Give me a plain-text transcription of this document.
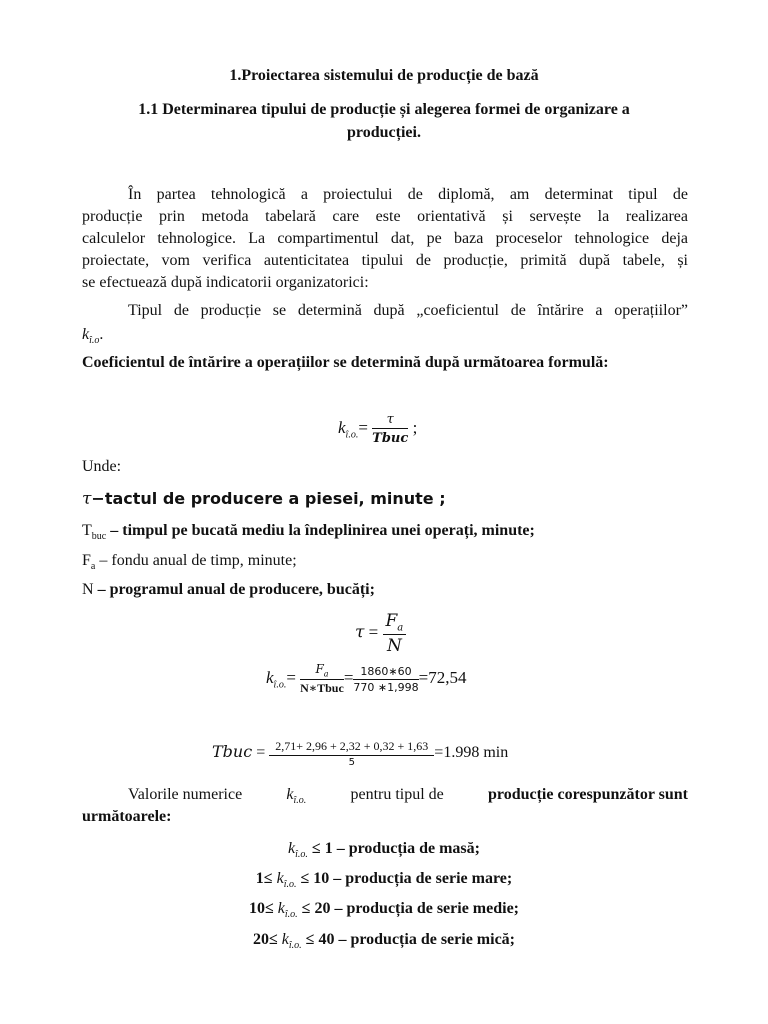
1.Proiectarea sistemului de producție de bază
1.1 Determinarea tipului de producție și alegerea formei de organizare a
producției.
În partea tehnologică a proiectului de diplomă, am determinat tipul de
producție prin metoda tabelară care este orientativă și servește la realizarea
calculelor tehnologice. La compartimentul dat, pe baza proceselor tehnologice deja
proiectate, vom verifica autenticitatea tipului de producție, primită după tabele, și
se efectuează după indicatorii organizatorici:
Tipul de producție se determină după „coeficientul de întărire a operațiilor”
$k_{î.o}$.
Coeficientul de întărire a operațiilor se determină după următoarea formulă:
$k_{î.o.}= \frac{\tau}{\text{Tbuc}}$ ;
Unde:
τ−tactul de producere a piesei, minute ;
$T_{buc}$ – timpul pe bucată mediu la îndeplinirea unei operați, minute;
$F_a$ – fondu anual de timp, minute;
N – programul anual de producere, bucăți;
$\tau = \frac{F_a}{N}$
$k_{î.o.}= \frac{F_a}{\text{N∗Tbuc}} = \frac{1860∗60}{770 ∗1,998} =72,54$
Tbuc = $\frac{2,71+ 2,96 + 2,32 + 0,32 + 1,63}{5} =1.998$ min
Valorile numerice	$k_{î.o.}$	pentru tipul de	producție corespunzător sunt
următoarele:
$k_{î.o.} \le 1$ – producția de masă;
$1\le k_{î.o.} \le 10$ – producția de serie mare;
$10\le k_{î.o.} \le 20$ – producția de serie medie;
$20\le k_{î.o.} \le 40$ – producția de serie mică;
